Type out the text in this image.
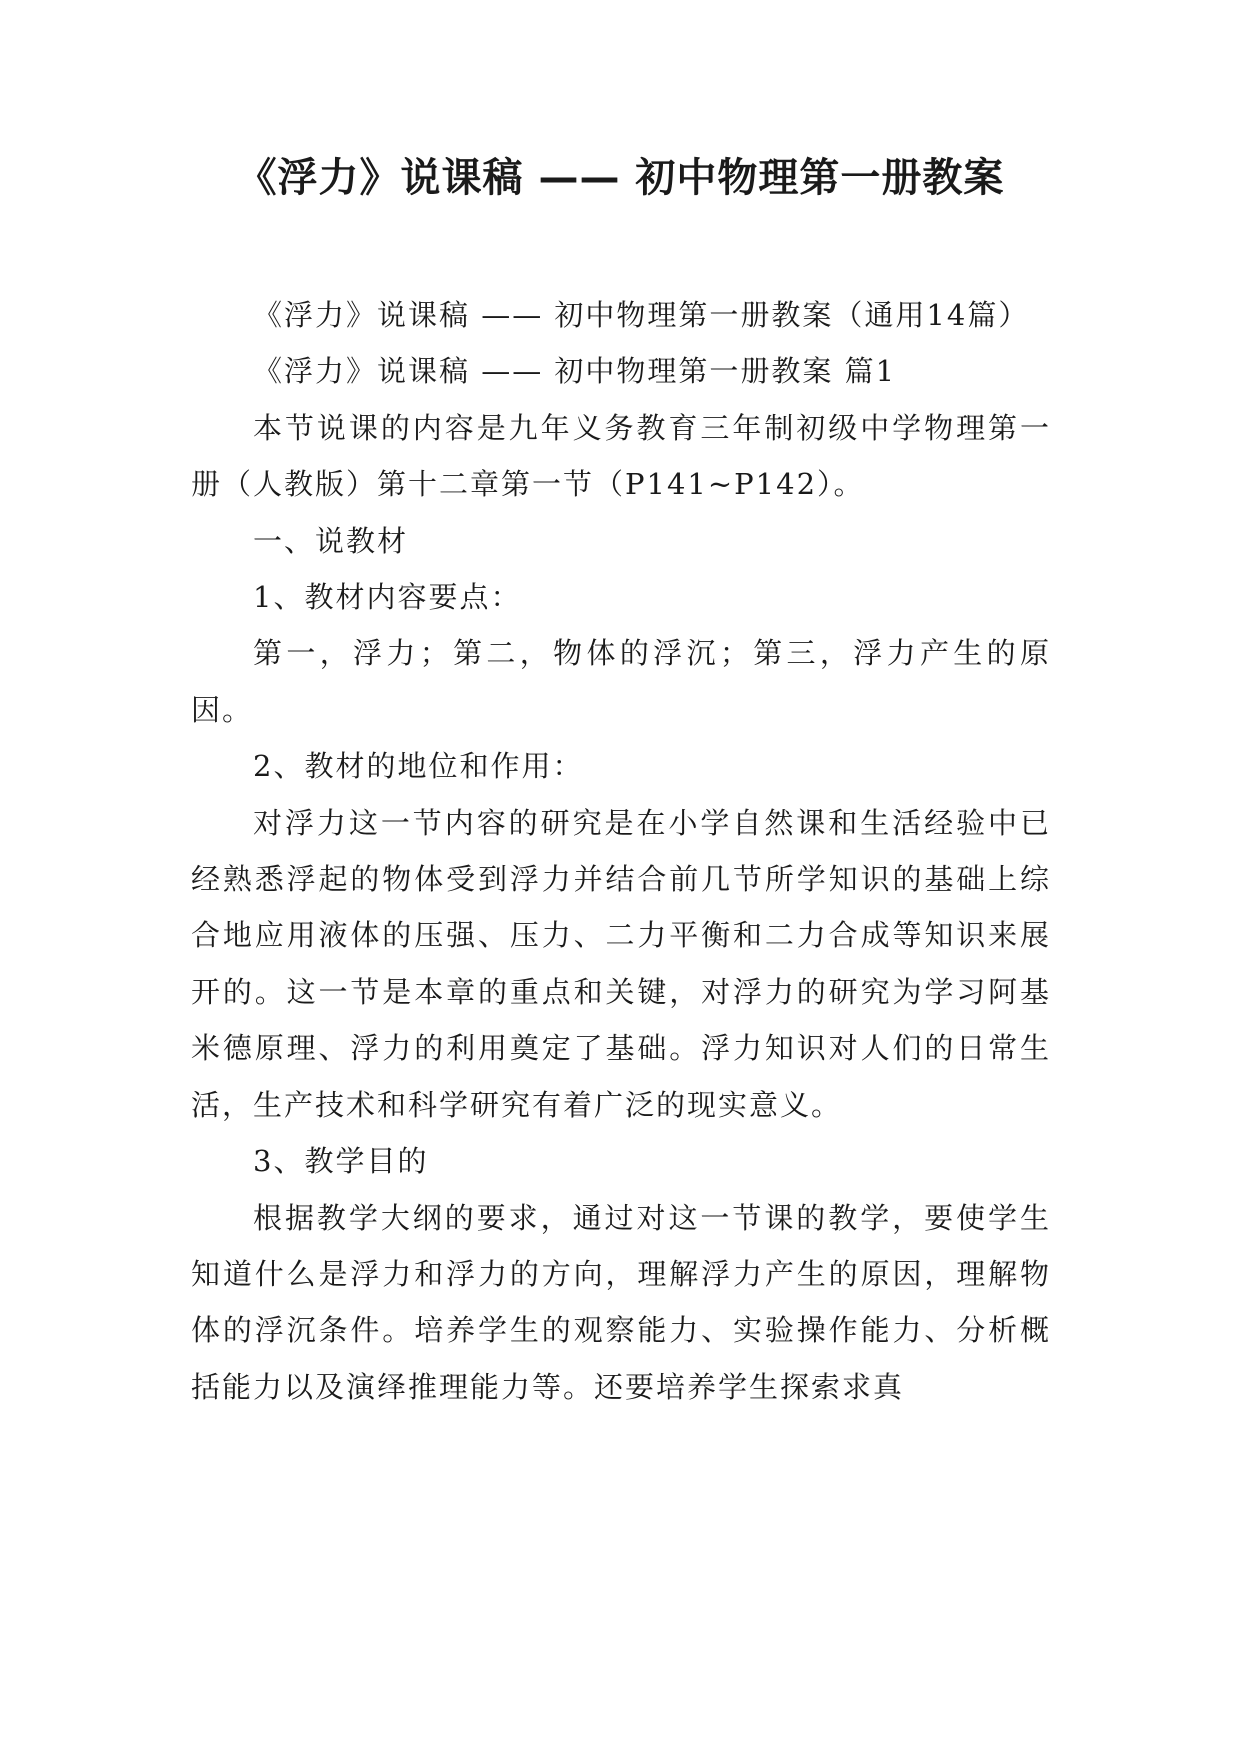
《浮力》说课稿 —— 初中物理第一册教案

《浮力》说课稿 —— 初中物理第一册教案（通用14篇）

《浮力》说课稿 —— 初中物理第一册教案 篇1

本节说课的内容是九年义务教育三年制初级中学物理第一册（人教版）第十二章第一节（P141~P142）。

一、说教材

1、教材内容要点：

第一，浮力；第二，物体的浮沉；第三，浮力产生的原因。

2、教材的地位和作用：

对浮力这一节内容的研究是在小学自然课和生活经验中已经熟悉浮起的物体受到浮力并结合前几节所学知识的基础上综合地应用液体的压强、压力、二力平衡和二力合成等知识来展开的。这一节是本章的重点和关键，对浮力的研究为学习阿基米德原理、浮力的利用奠定了基础。浮力知识对人们的日常生活，生产技术和科学研究有着广泛的现实意义。

3、教学目的

根据教学大纲的要求，通过对这一节课的教学，要使学生知道什么是浮力和浮力的方向，理解浮力产生的原因，理解物体的浮沉条件。培养学生的观察能力、实验操作能力、分析概括能力以及演绎推理能力等。还要培养学生探索求真
